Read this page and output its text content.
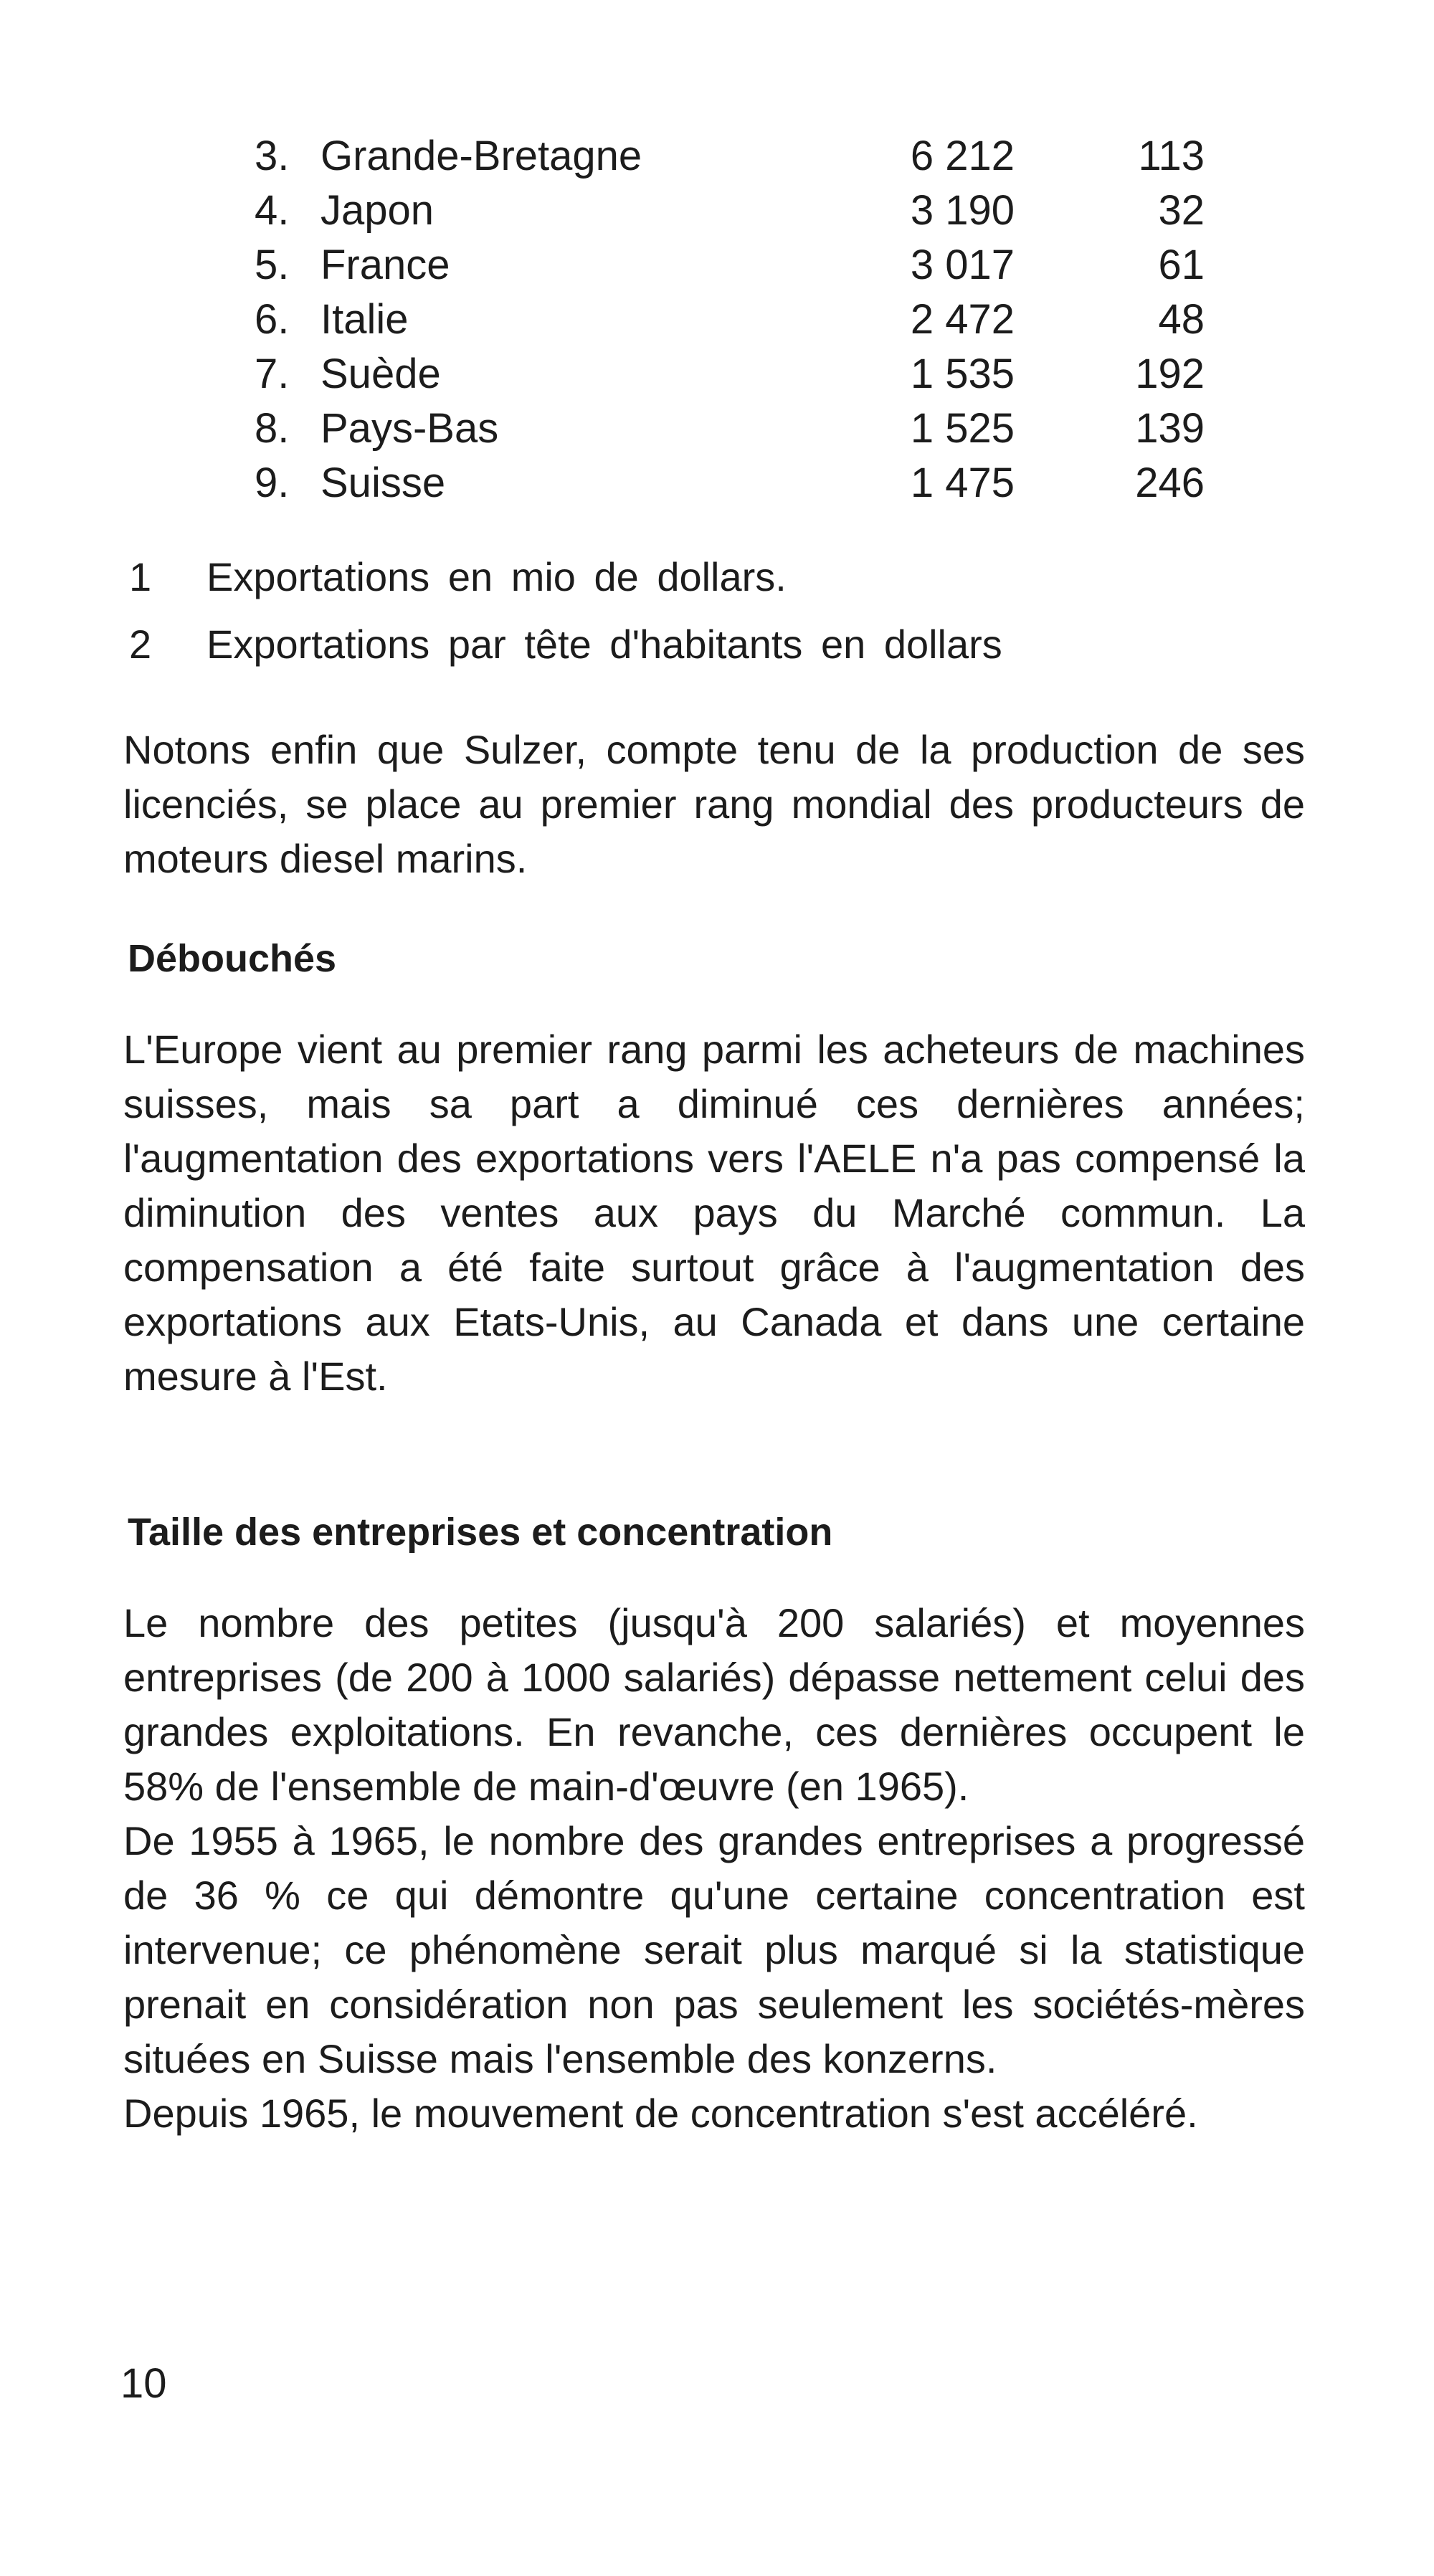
3. Grande-Bretagne	6 212	113
4. Japon	3 190	32
5. France	3 017	61
6. Italie	2 472	48
7. Suède	1 535	192
8. Pays-Bas	1 525	139
9. Suisse	1 475	246
1 Exportations en mio de dollars.
2 Exportations par tête d'habitants en dollars

Notons enfin que Sulzer, compte tenu de la production de ses licenciés, se place au premier rang mondial des producteurs de moteurs diesel marins.

Débouchés

L'Europe vient au premier rang parmi les acheteurs de machines suisses, mais sa part a diminué ces dernières années; l'augmentation des exportations vers l'AELE n'a pas compensé la diminution des ventes aux pays du Marché commun. La compensation a été faite surtout grâce à l'augmentation des exportations aux Etats-Unis, au Canada et dans une certaine mesure à l'Est.

Taille des entreprises et concentration

Le nombre des petites (jusqu'à 200 salariés) et moyennes entreprises (de 200 à 1000 salariés) dépasse nettement celui des grandes exploitations. En revanche, ces dernières occupent le 58% de l'ensemble de main-d'œuvre (en 1965).

De 1955 à 1965, le nombre des grandes entreprises a progressé de 36 % ce qui démontre qu'une certaine concentration est intervenue; ce phénomène serait plus marqué si la statistique prenait en considération non pas seulement les sociétés-mères situées en Suisse mais l'ensemble des konzerns.

Depuis 1965, le mouvement de concentration s'est accéléré.

10
